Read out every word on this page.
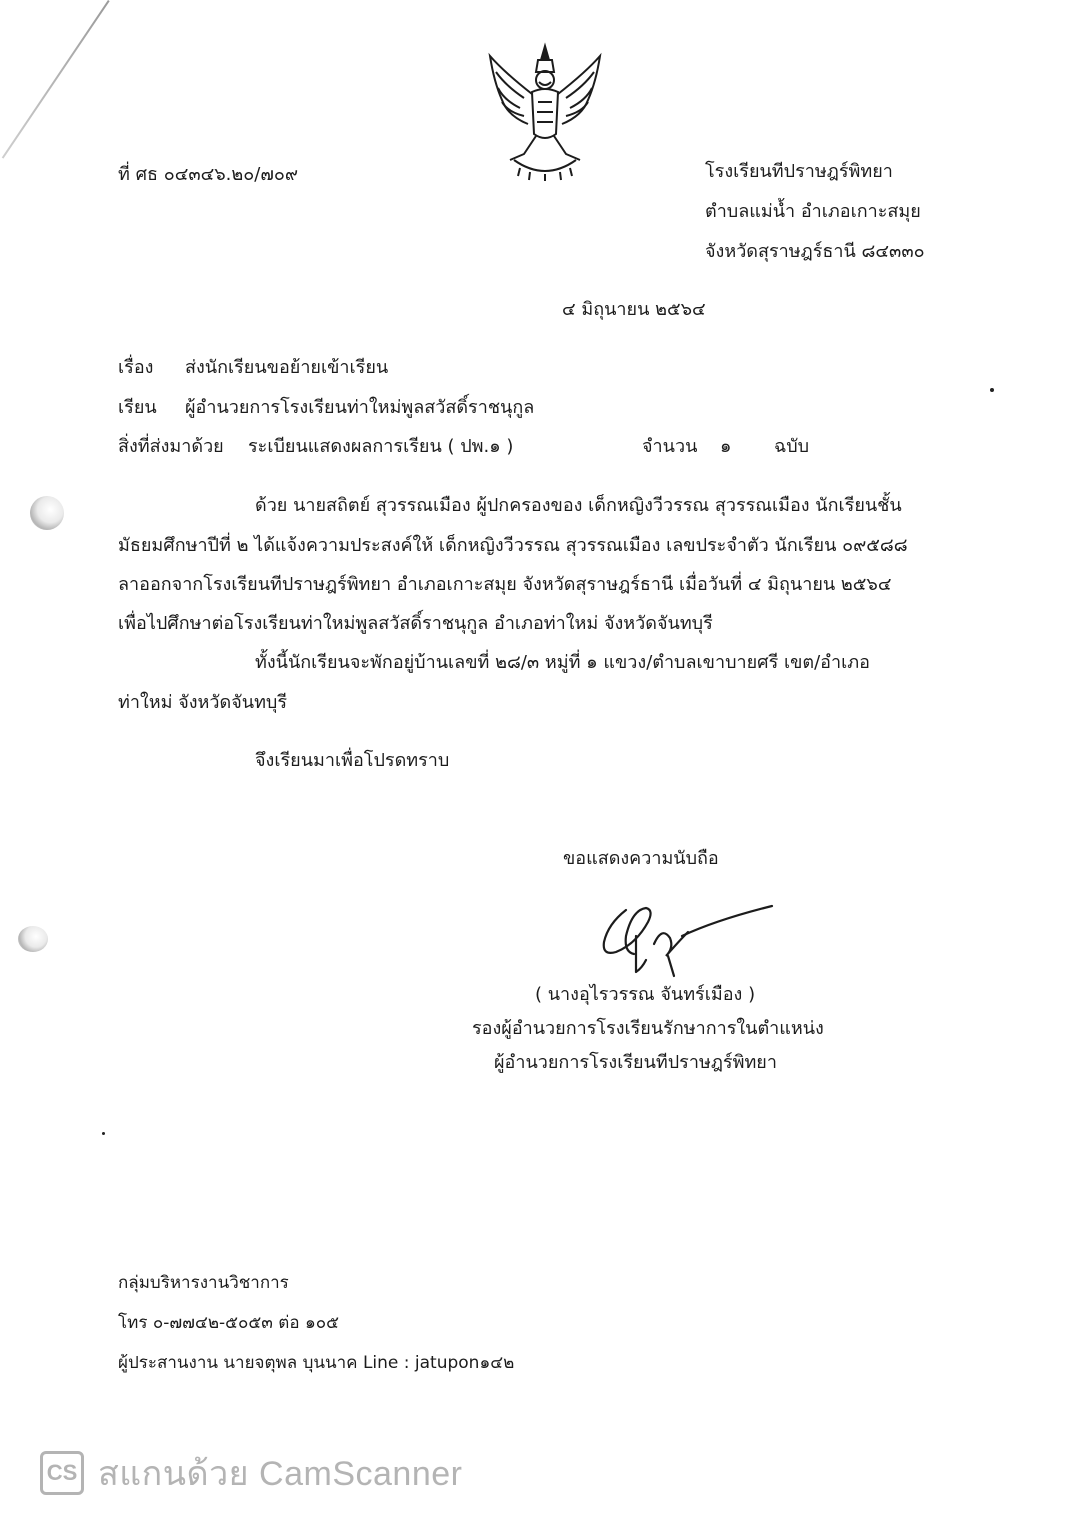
ที่ ศธ ๐๔๓๔๖.๒๐/๗๐๙	โรงเรียนทีปราษฎร์พิทยา
ตำบลแม่น้ำ อำเภอเกาะสมุย
จังหวัดสุราษฎร์ธานี ๘๔๓๓๐
๔ มิถุนายน ๒๕๖๔
เรื่อง ส่งนักเรียนขอย้ายเข้าเรียน
เรียน ผู้อำนวยการโรงเรียนท่าใหม่พูลสวัสดิ์ราชนุกูล
สิ่งที่ส่งมาด้วย ระเบียนแสดงผลการเรียน ( ปพ.๑ )	จำนวน ๑ ฉบับ
ด้วย นายสถิตย์ สุวรรณเมือง ผู้ปกครองของ เด็กหญิงวีวรรณ สุวรรณเมือง นักเรียนชั้น
มัธยมศึกษาปีที่ ๒ ได้แจ้งความประสงค์ให้ เด็กหญิงวีวรรณ สุวรรณเมือง เลขประจำตัว นักเรียน ๐๙๕๘๘
ลาออกจากโรงเรียนทีปราษฎร์พิทยา อำเภอเกาะสมุย จังหวัดสุราษฎร์ธานี เมื่อวันที่ ๔ มิถุนายน ๒๕๖๔
เพื่อไปศึกษาต่อโรงเรียนท่าใหม่พูลสวัสดิ์ราชนุกูล อำเภอท่าใหม่ จังหวัดจันทบุรี
ทั้งนี้นักเรียนจะพักอยู่บ้านเลขที่ ๒๘/๓ หมู่ที่ ๑ แขวง/ตำบลเขาบายศรี เขต/อำเภอ
ท่าใหม่ จังหวัดจันทบุรี
จึงเรียนมาเพื่อโปรดทราบ
ขอแสดงความนับถือ
( นางอุไรวรรณ จันทร์เมือง )
รองผู้อำนวยการโรงเรียนรักษาการในตำแหน่ง
ผู้อำนวยการโรงเรียนทีปราษฎร์พิทยา
กลุ่มบริหารงานวิชาการ
โทร ๐-๗๗๔๒-๕๐๕๓ ต่อ ๑๐๕
ผู้ประสานงาน นายจตุพล บุนนาค Line : jatupon๑๔๒
CS สแกนด้วย CamScanner
